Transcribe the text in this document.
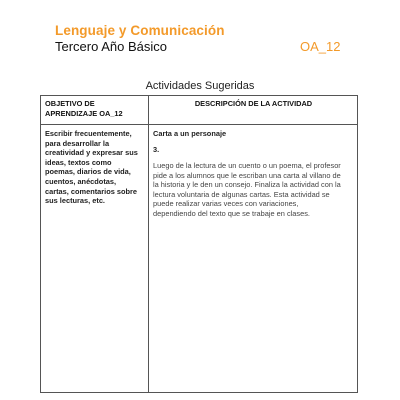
Lenguaje y Comunicación
Tercero Año Básico	OA_12
Actividades Sugeridas
OBJETIVO DE
APRENDIZAJE OA_12
DESCRIPCIÓN DE LA ACTIVIDAD
Escribir frecuentemente,
para desarrollar la
creatividad y expresar sus
ideas, textos como
poemas, diarios de vida,
cuentos, anécdotas,
cartas, comentarios sobre
sus lecturas, etc.
Carta a un personaje
3.
Luego de la lectura de un cuento o un poema, el profesor
pide a los alumnos que le escriban una carta al villano de
la historia y le den un consejo. Finaliza la actividad con la
lectura voluntaria de algunas cartas. Esta actividad se
puede realizar varias veces con variaciones,
dependiendo del texto que se trabaje en clases.
